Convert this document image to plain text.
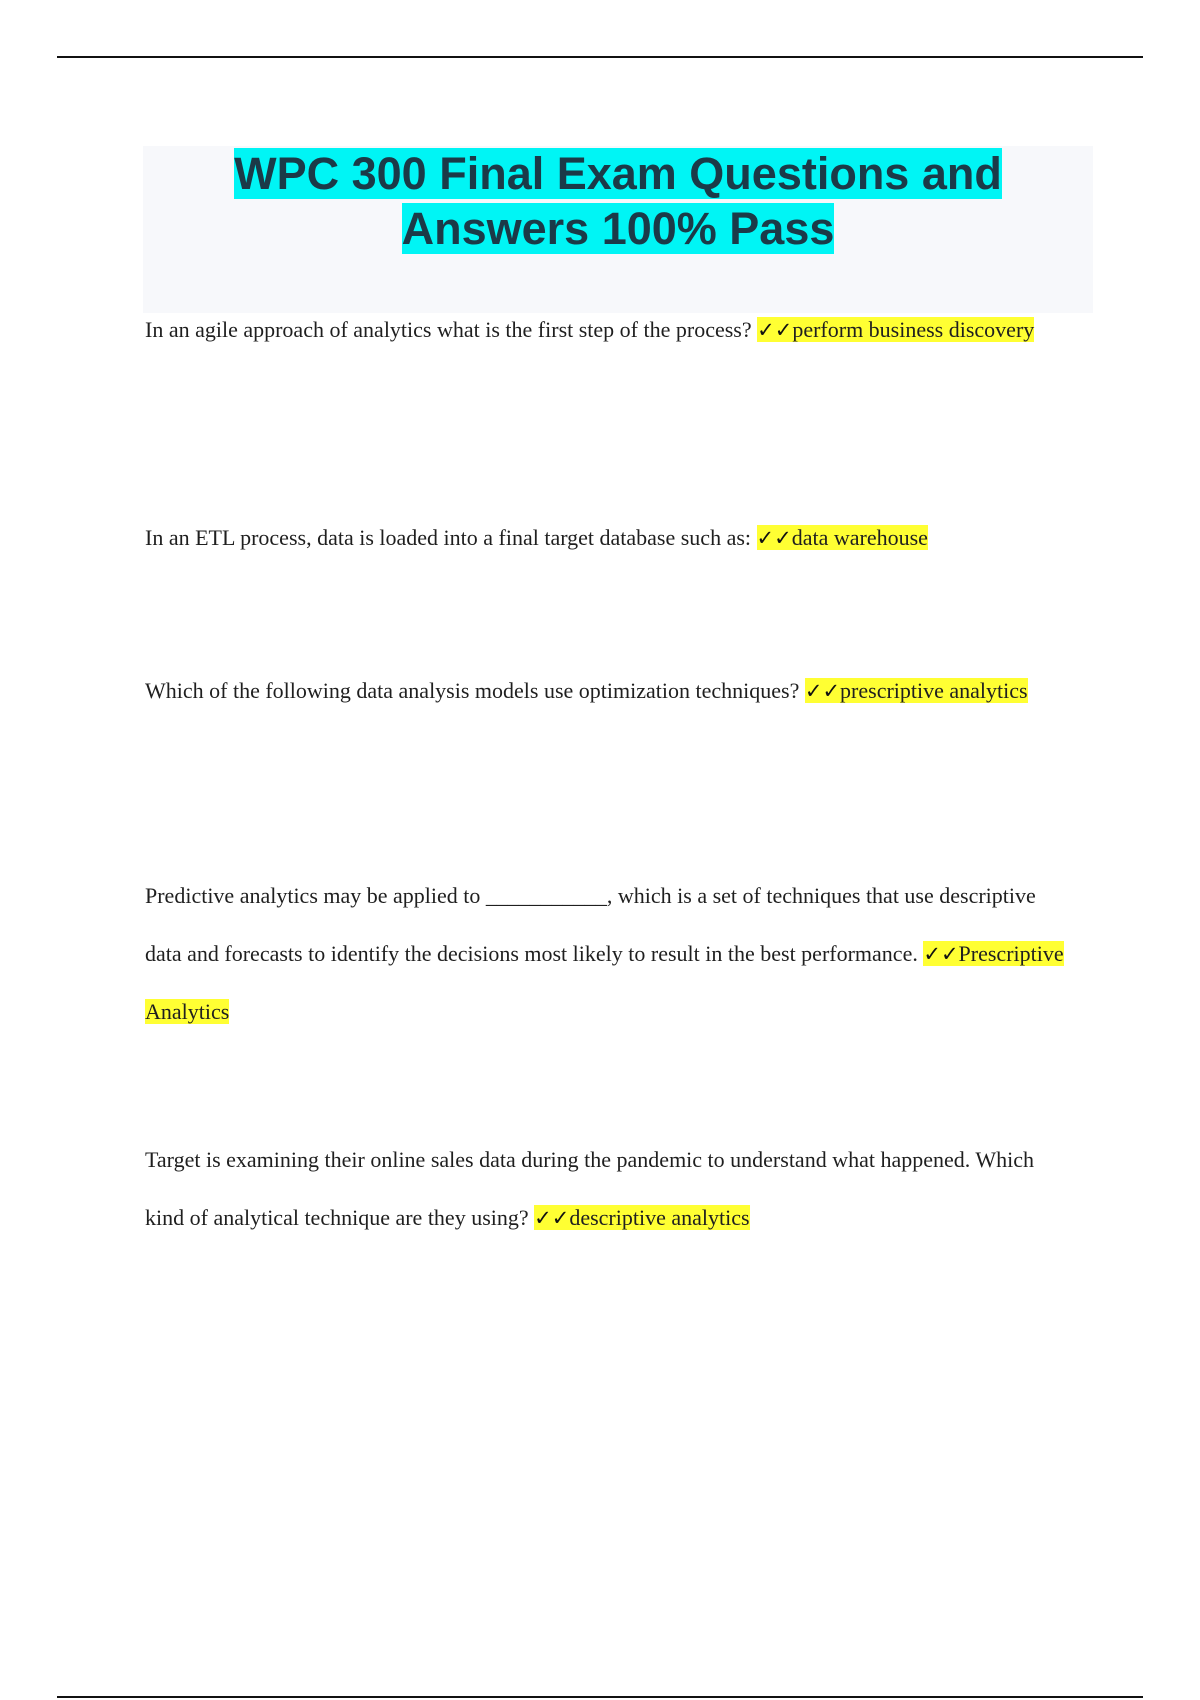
WPC 300 Final Exam Questions and Answers 100% Pass

In an agile approach of analytics what is the first step of the process? ✓✓perform business discovery

In an ETL process, data is loaded into a final target database such as: ✓✓data warehouse

Which of the following data analysis models use optimization techniques? ✓✓prescriptive analytics

Predictive analytics may be applied to ___________, which is a set of techniques that use descriptive data and forecasts to identify the decisions most likely to result in the best performance. ✓✓Prescriptive Analytics

Target is examining their online sales data during the pandemic to understand what happened. Which kind of analytical technique are they using? ✓✓descriptive analytics
